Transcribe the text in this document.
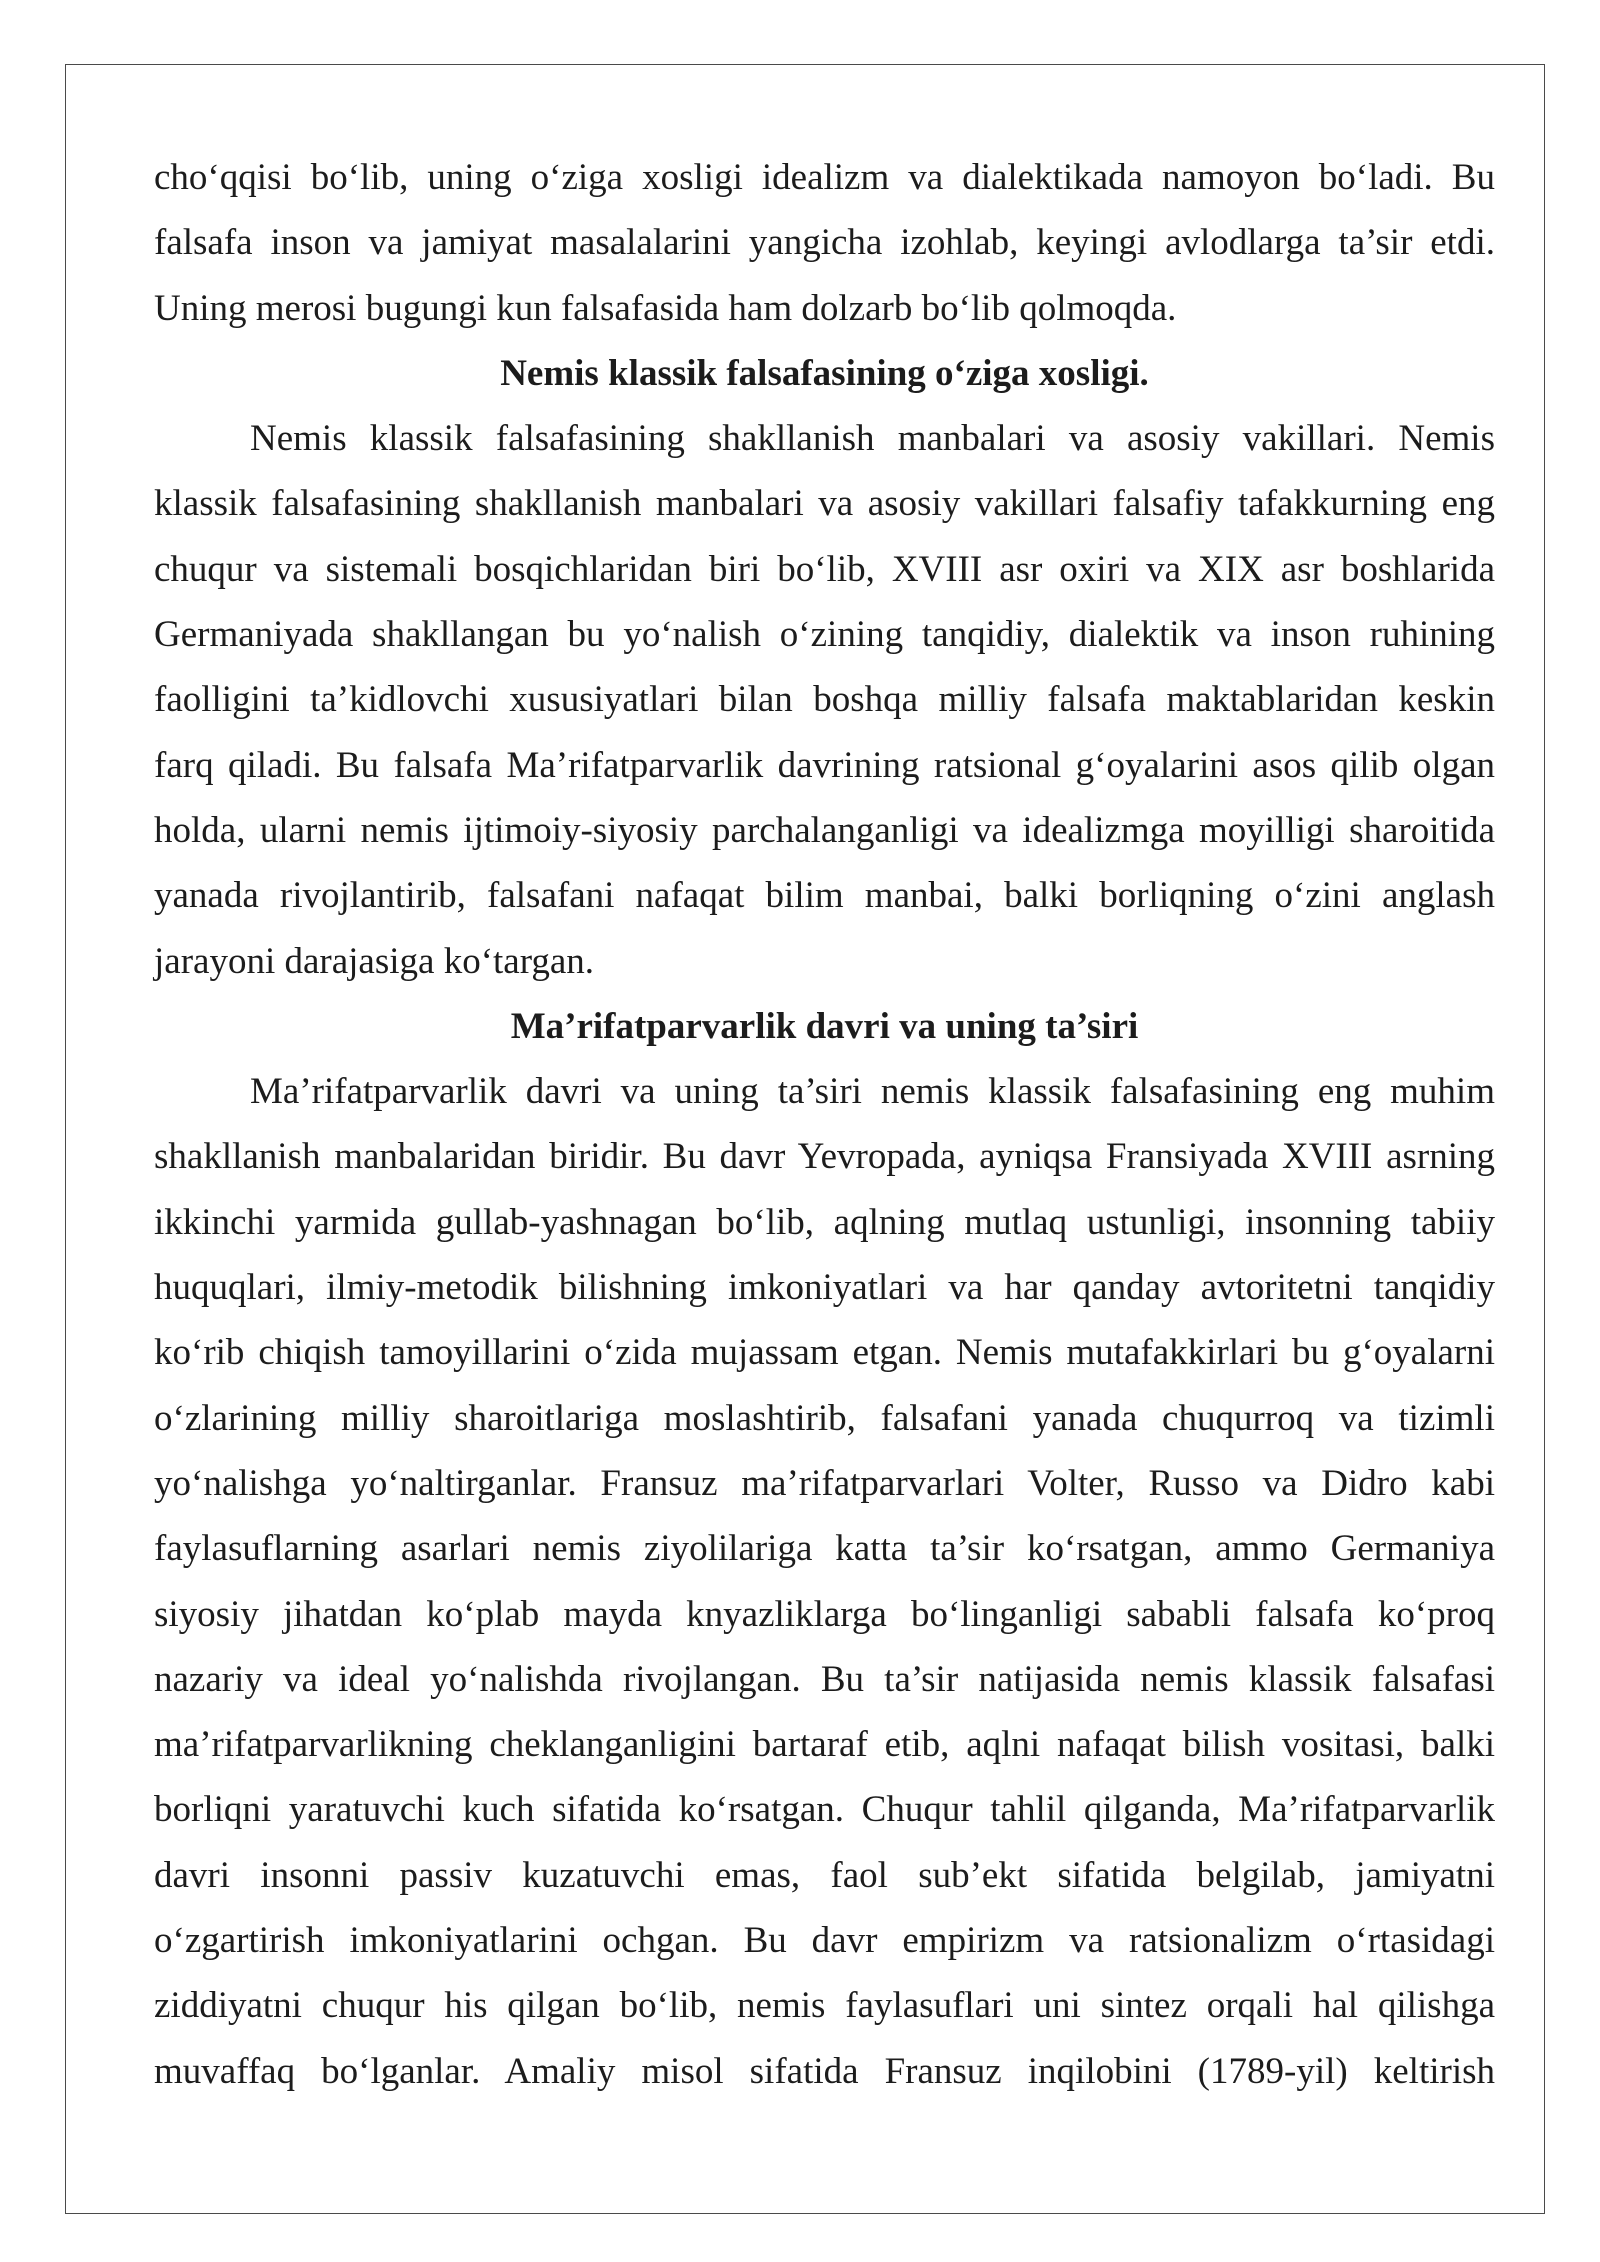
cho‘qqisi bo‘lib, uning o‘ziga xosligi idealizm va dialektikada namoyon bo‘ladi. Bu
falsafa inson va jamiyat masalalarini yangicha izohlab, keyingi avlodlarga ta’sir etdi.
Uning merosi bugungi kun falsafasida ham dolzarb bo‘lib qolmoqda.
Nemis klassik falsafasining o‘ziga xosligi.
Nemis klassik falsafasining shakllanish manbalari va asosiy vakillari. Nemis
klassik falsafasining shakllanish manbalari va asosiy vakillari falsafiy tafakkurning eng
chuqur va sistemali bosqichlaridan biri bo‘lib, XVIII asr oxiri va XIX asr boshlarida
Germaniyada shakllangan bu yo‘nalish o‘zining tanqidiy, dialektik va inson ruhining
faolligini ta’kidlovchi xususiyatlari bilan boshqa milliy falsafa maktablaridan keskin
farq qiladi. Bu falsafa Ma’rifatparvarlik davrining ratsional g‘oyalarini asos qilib olgan
holda, ularni nemis ijtimoiy-siyosiy parchalanganligi va idealizmga moyilligi sharoitida
yanada rivojlantirib, falsafani nafaqat bilim manbai, balki borliqning o‘zini anglash
jarayoni darajasiga ko‘targan.
Ma’rifatparvarlik davri va uning ta’siri
Ma’rifatparvarlik davri va uning ta’siri nemis klassik falsafasining eng muhim
shakllanish manbalaridan biridir. Bu davr Yevropada, ayniqsa Fransiyada XVIII asrning
ikkinchi yarmida gullab-yashnagan bo‘lib, aqlning mutlaq ustunligi, insonning tabiiy
huquqlari, ilmiy-metodik bilishning imkoniyatlari va har qanday avtoritetni tanqidiy
ko‘rib chiqish tamoyillarini o‘zida mujassam etgan. Nemis mutafakkirlari bu g‘oyalarni
o‘zlarining milliy sharoitlariga moslashtirib, falsafani yanada chuqurroq va tizimli
yo‘nalishga yo‘naltirganlar. Fransuz ma’rifatparvarlari Volter, Russo va Didro kabi
faylasuflarning asarlari nemis ziyolilariga katta ta’sir ko‘rsatgan, ammo Germaniya
siyosiy jihatdan ko‘plab mayda knyazliklarga bo‘linganligi sababli falsafa ko‘proq
nazariy va ideal yo‘nalishda rivojlangan. Bu ta’sir natijasida nemis klassik falsafasi
ma’rifatparvarlikning cheklanganligini bartaraf etib, aqlni nafaqat bilish vositasi, balki
borliqni yaratuvchi kuch sifatida ko‘rsatgan. Chuqur tahlil qilganda, Ma’rifatparvarlik
davri insonni passiv kuzatuvchi emas, faol sub’ekt sifatida belgilab, jamiyatni
o‘zgartirish imkoniyatlarini ochgan. Bu davr empirizm va ratsionalizm o‘rtasidagi
ziddiyatni chuqur his qilgan bo‘lib, nemis faylasuflari uni sintez orqali hal qilishga
muvaffaq bo‘lganlar. Amaliy misol sifatida Fransuz inqilobini (1789-yil) keltirish
